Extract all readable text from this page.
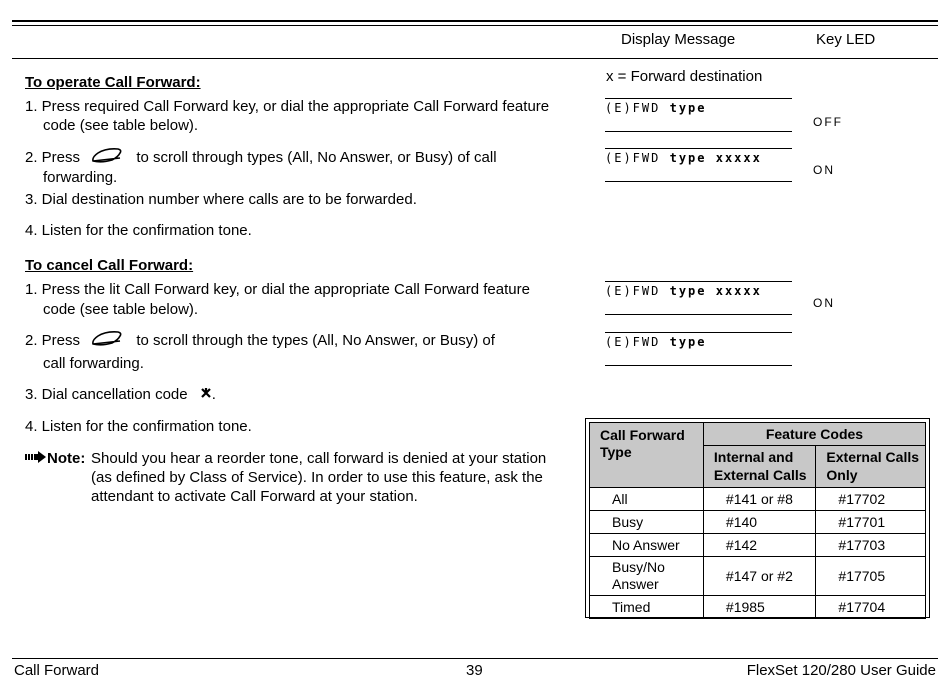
Display Message	Key LED
To operate Call Forward:	x = Forward destination
1. Press required Call Forward key, or dial the appropriate Call Forward feature
code (see table below).
2. Press	to scroll through types (All, No Answer, or Busy) of call
forwarding.
3. Dial destination number where calls are to be forwarded.
4. Listen for the confirmation tone.
(E)FWD type
OFF
(E)FWD type xxxxx
ON
To cancel Call Forward:
1. Press the lit Call Forward key, or dial the appropriate Call Forward feature
code (see table below).
2. Press	to scroll through the types (All, No Answer, or Busy) of
call forwarding.
3. Dial cancellation code .
4. Listen for the confirmation tone.
(E)FWD type xxxxx
ON
(E)FWD type
Note: Should you hear a reorder tone, call forward is denied at your station
(as defined by Class of Service). In order to use this feature, ask the
attendant to activate Call Forward at your station.
Call Forward Type	Feature Codes	
	Internal and External Calls	External Calls Only
All	#141 or #8	#17702
Busy	#140	#17701
No Answer	#142	#17703
Busy/No Answer	#147 or #2	#17705
Timed	#1985	#17704
Call Forward	39	FlexSet 120/280 User Guide
